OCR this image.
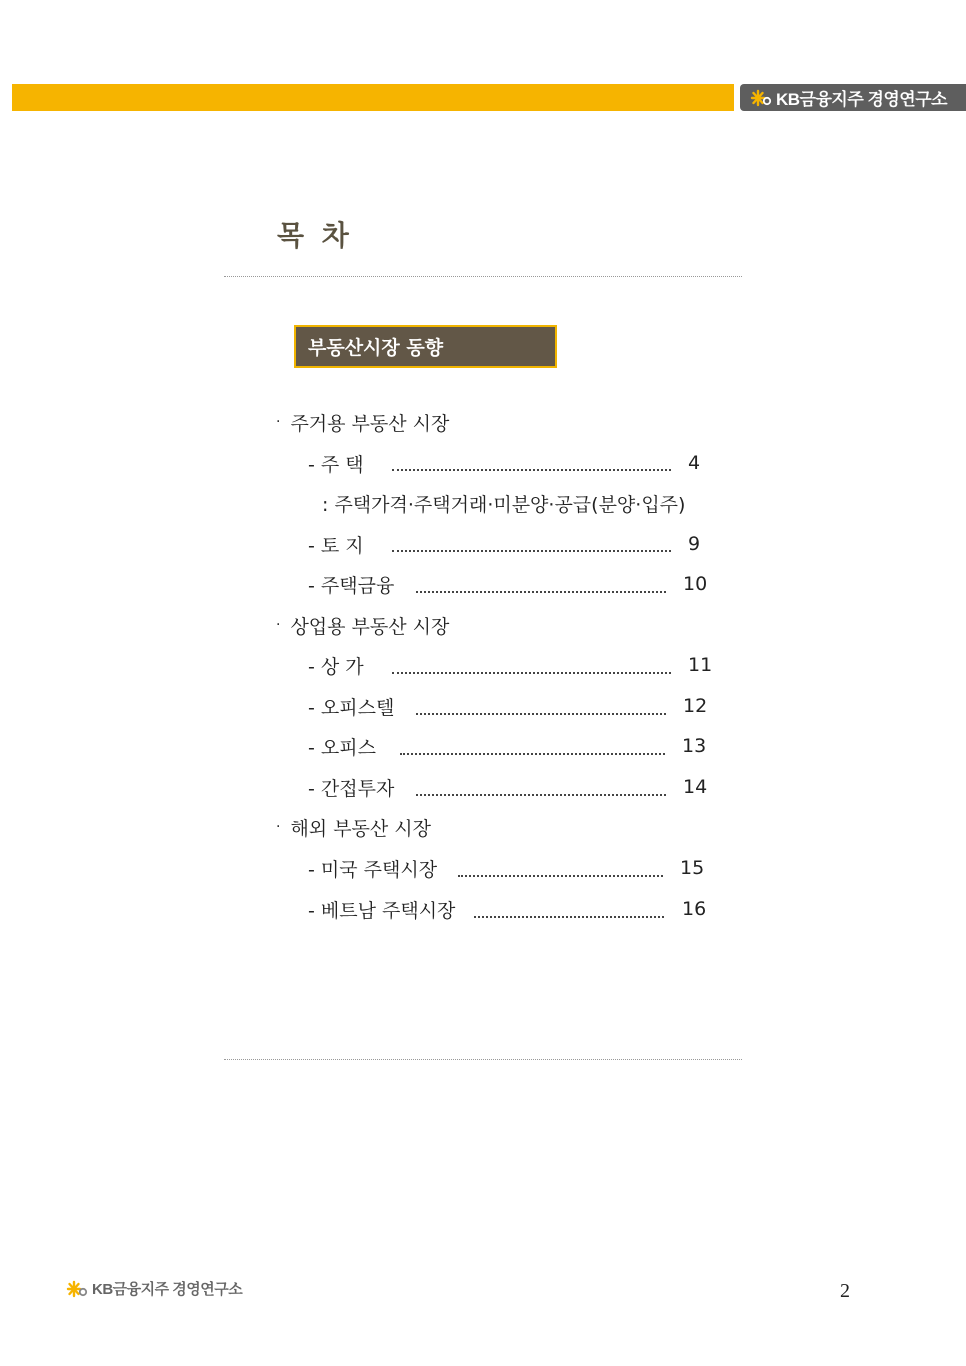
KB금융지주 경영연구소
목 차
부동산시장 동향
· 주거용 부동산 시장
- 주 택	4
: 주택가격·주택거래·미분양·공급(분양·입주)
- 토 지	9
- 주택금융	10
· 상업용 부동산 시장
- 상 가	11
- 오피스텔	12
- 오피스	13
- 간접투자	14
· 해외 부동산 시장
- 미국 주택시장	15
- 베트남 주택시장	16
KB금융지주 경영연구소	2
